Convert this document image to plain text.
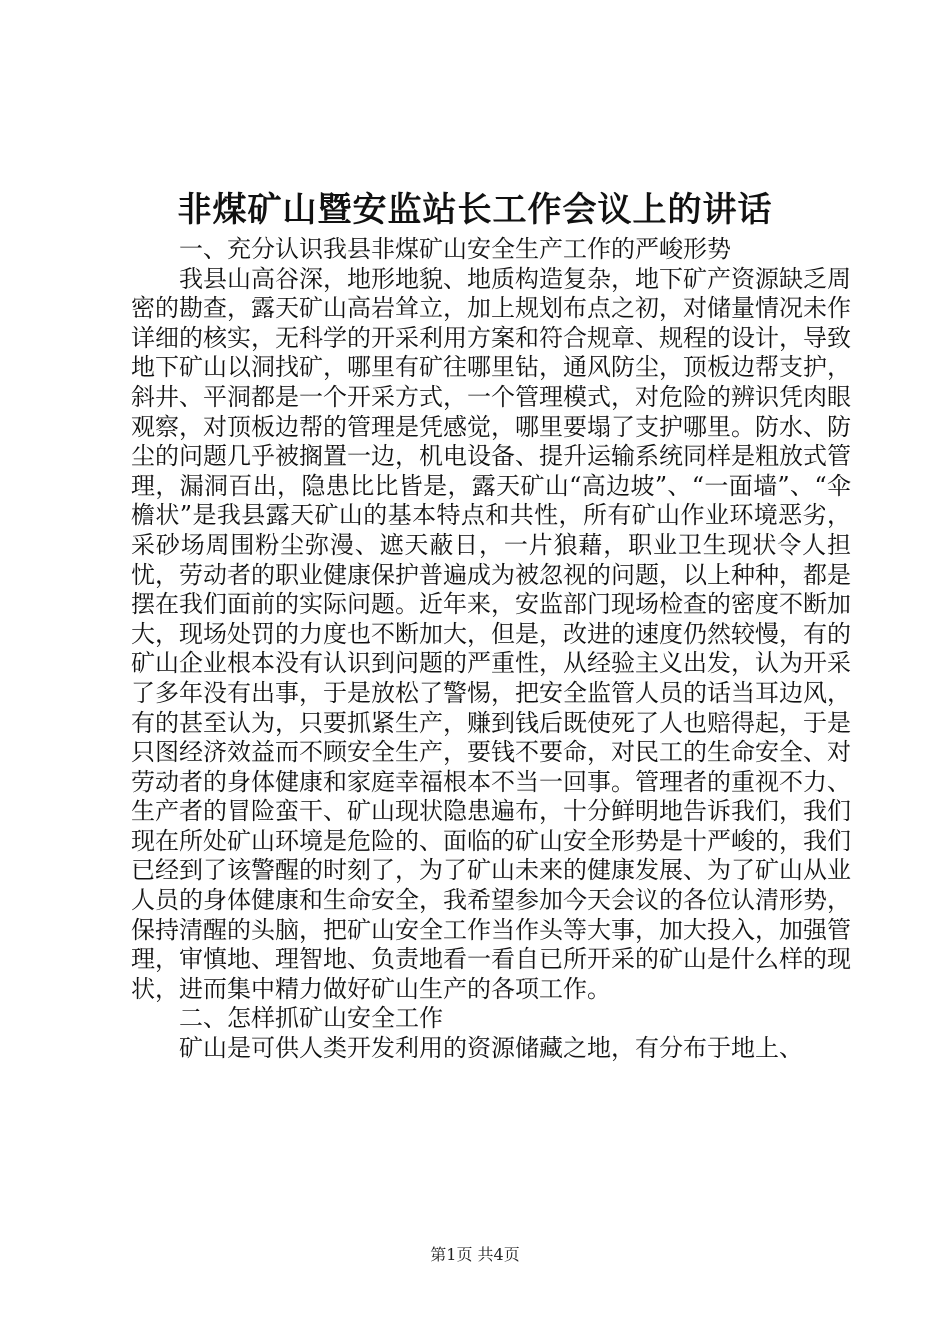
非煤矿山暨安监站长工作会议上的讲话

一、充分认识我县非煤矿山安全生产工作的严峻形势

我县山高谷深，地形地貌、地质构造复杂，地下矿产资源缺乏周密的勘查，露天矿山高岩耸立，加上规划布点之初，对储量情况未作详细的核实，无科学的开采利用方案和符合规章、规程的设计，导致地下矿山以洞找矿，哪里有矿往哪里钻，通风防尘，顶板边帮支护，斜井、平洞都是一个开采方式，一个管理模式，对危险的辨识凭肉眼观察，对顶板边帮的管理是凭感觉，哪里要塌了支护哪里。防水、防尘的问题几乎被搁置一边，机电设备、提升运输系统同样是粗放式管理，漏洞百出，隐患比比皆是，露天矿山“高边坡”、“一面墙”、“伞檐状”是我县露天矿山的基本特点和共性，所有矿山作业环境恶劣，采砂场周围粉尘弥漫、遮天蔽日，一片狼藉，职业卫生现状令人担忧，劳动者的职业健康保护普遍成为被忽视的问题，以上种种，都是摆在我们面前的实际问题。近年来，安监部门现场检查的密度不断加大，现场处罚的力度也不断加大，但是，改进的速度仍然较慢，有的矿山企业根本没有认识到问题的严重性，从经验主义出发，认为开采了多年没有出事，于是放松了警惕，把安全监管人员的话当耳边风，有的甚至认为，只要抓紧生产，赚到钱后既使死了人也赔得起，于是只图经济效益而不顾安全生产，要钱不要命，对民工的生命安全、对劳动者的身体健康和家庭幸福根本不当一回事。管理者的重视不力、生产者的冒险蛮干、矿山现状隐患遍布，十分鲜明地告诉我们，我们现在所处矿山环境是危险的、面临的矿山安全形势是十严峻的，我们已经到了该警醒的时刻了，为了矿山未来的健康发展、为了矿山从业人员的身体健康和生命安全，我希望参加今天会议的各位认清形势，保持清醒的头脑，把矿山安全工作当作头等大事，加大投入，加强管理，审慎地、理智地、负责地看一看自已所开采的矿山是什么样的现状，进而集中精力做好矿山生产的各项工作。

二、怎样抓矿山安全工作

矿山是可供人类开发利用的资源储藏之地，有分布于地上、

第1页 共4页
